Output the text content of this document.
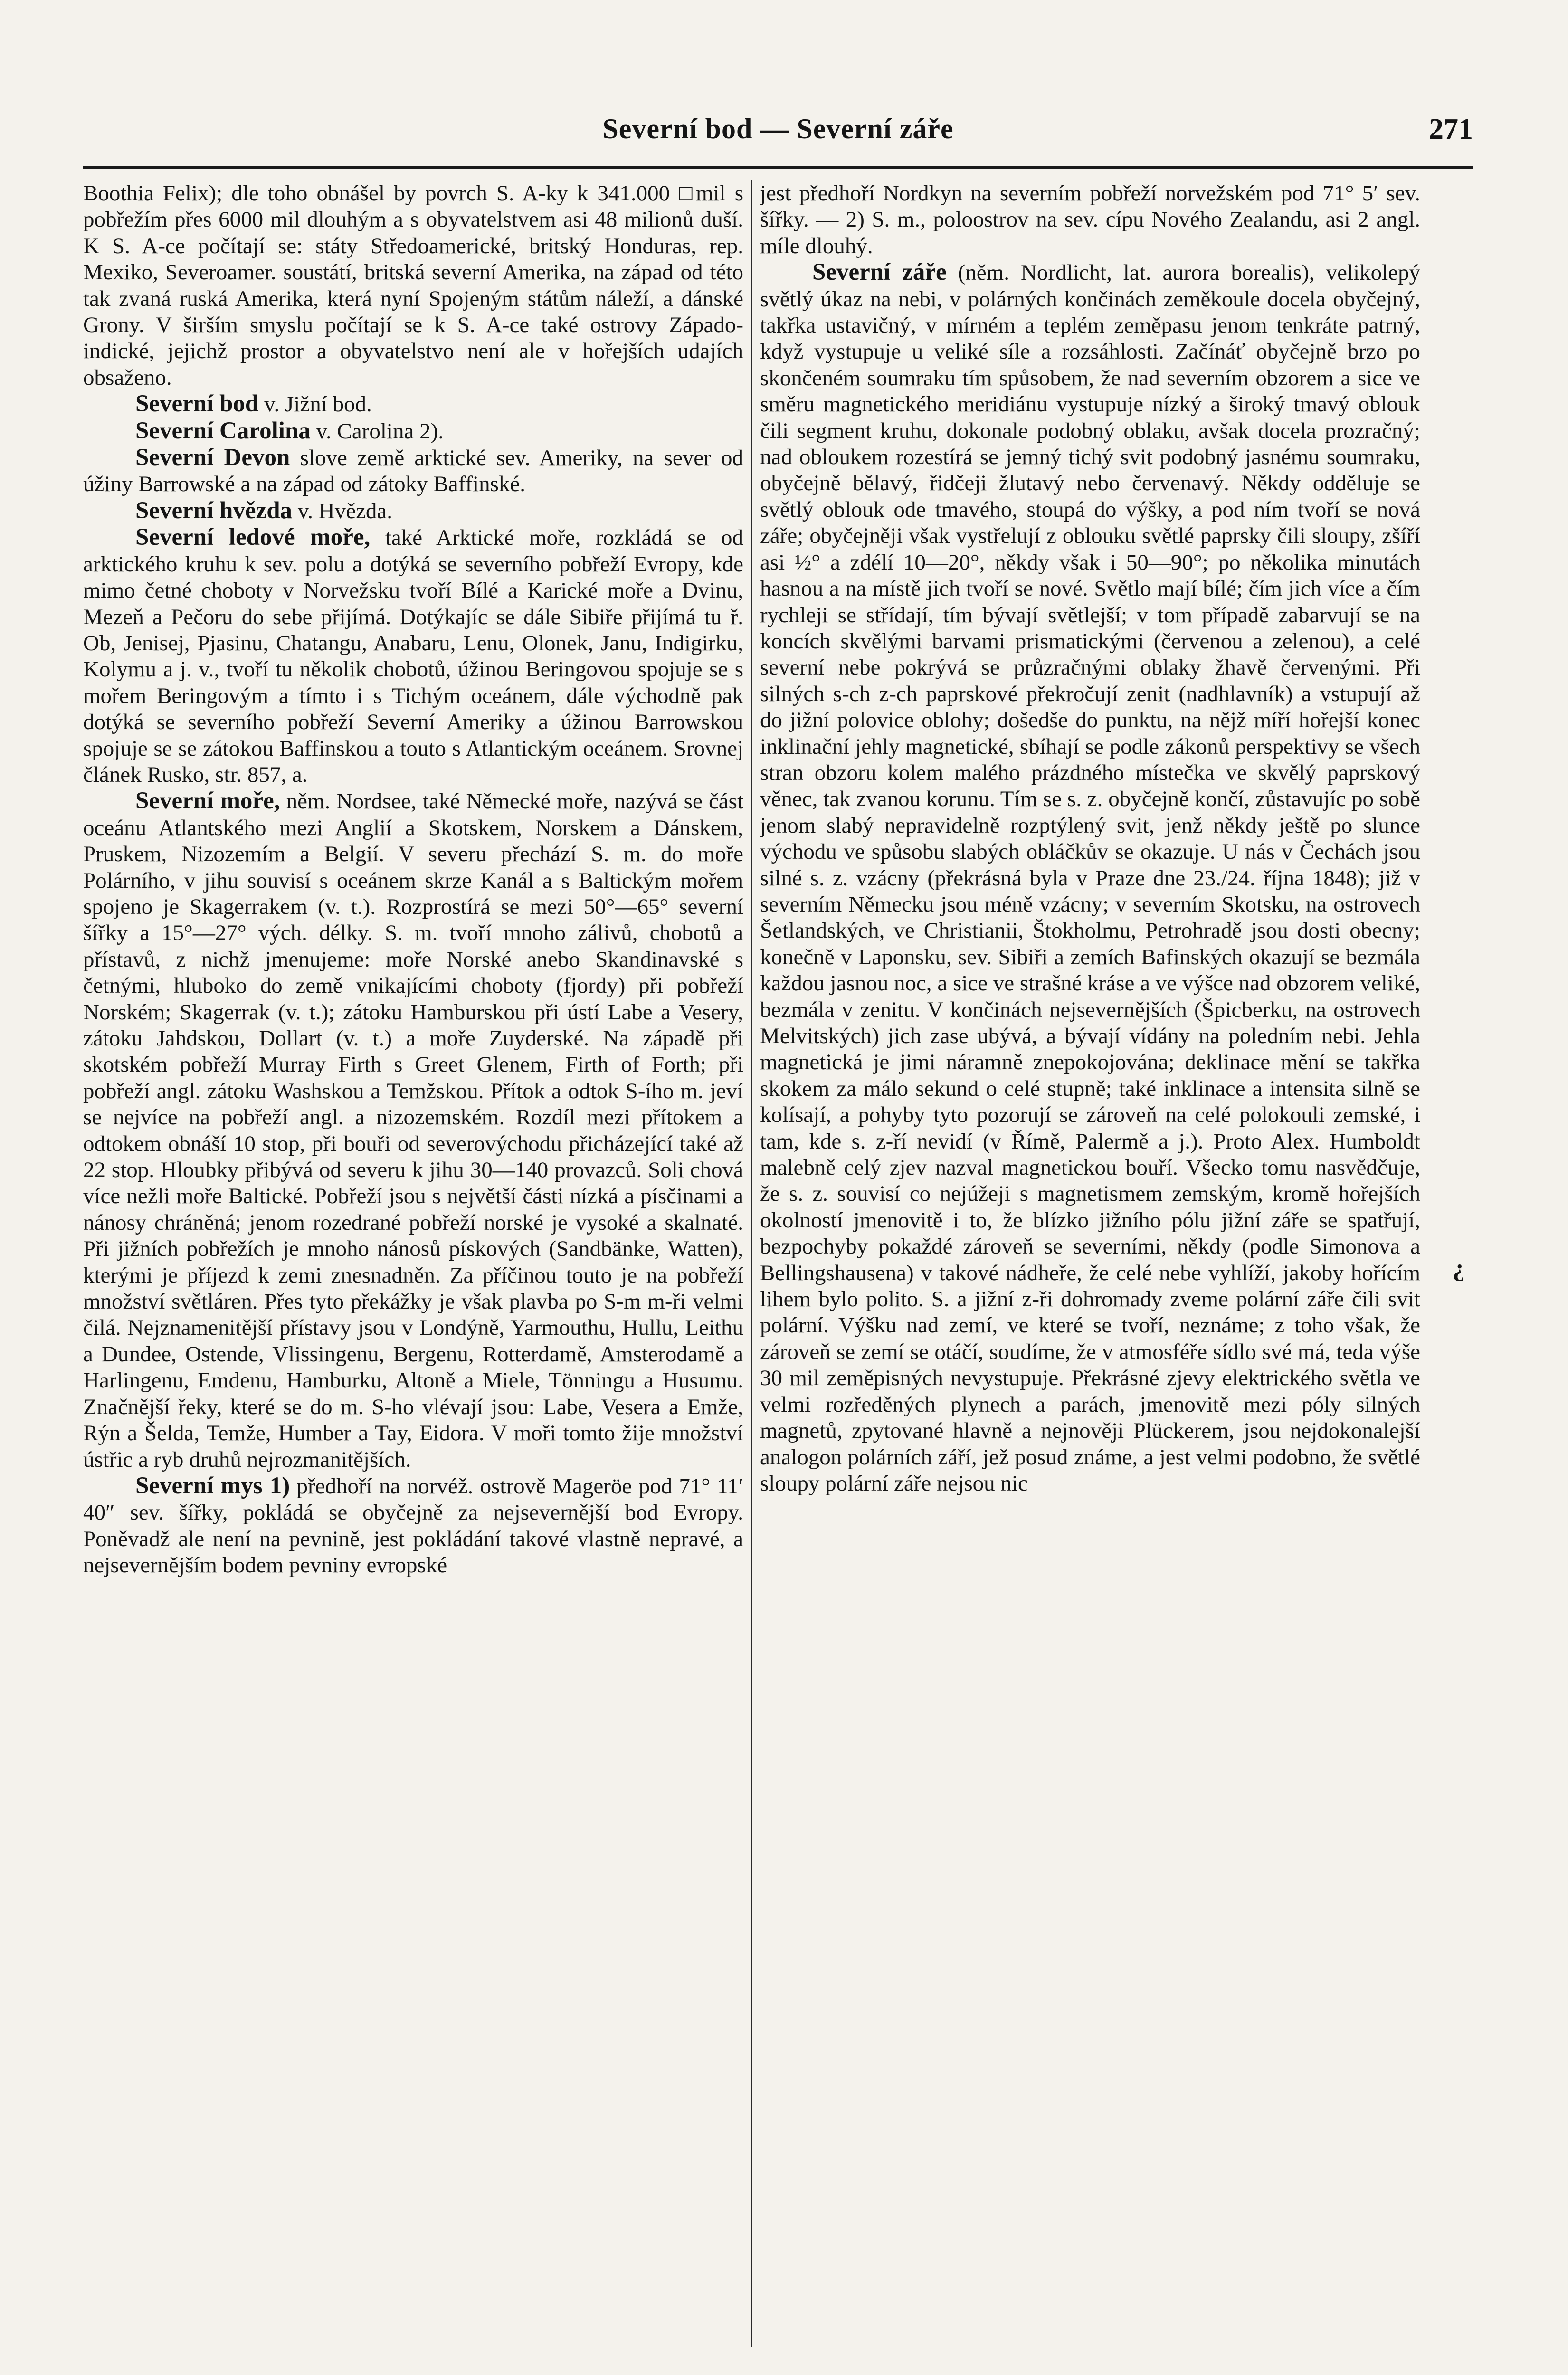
Severní bod — Severní záře	271

Boothia Felix); dle toho obnášel by povrch S. A-ky k 341.000 □mil s pobřežím přes 6000 mil dlouhým a s obyvatelstvem asi 48 milionů duší. K S. A-ce počítají se: státy Středoamerické, britský Honduras, rep. Mexiko, Severoamer. soustátí, britská severní Amerika, na západ od této tak zvaná ruská Amerika, která nyní Spojeným státům náleží, a dánské Grony. V širším smyslu počítají se k S. A-ce také ostrovy Západo-indické, jejichž prostor a obyvatelstvo není ale v hořejších udajích obsaženo.

Severní bod v. Jižní bod.

Severní Carolina v. Carolina 2).

Severní Devon slove země arktické sev. Ameriky, na sever od úžiny Barrowské a na západ od zátoky Baffinské.

Severní hvězda v. Hvězda.

Severní ledové moře, také Arktické moře, rozkládá se od arktického kruhu k sev. polu a dotýká se severního pobřeží Evropy, kde mimo četné choboty v Norvežsku tvoří Bílé a Karické moře a Dvinu, Mezeň a Pečoru do sebe přijímá. Dotýkajíc se dále Sibiře přijímá tu ř. Ob, Jenisej, Pjasinu, Chatangu, Anabaru, Lenu, Olonek, Janu, Indigirku, Kolymu a j. v., tvoří tu několik chobotů, úžinou Beringovou spojuje se s mořem Beringovým a tímto i s Tichým oceánem, dále východně pak dotýká se severního pobřeží Severní Ameriky a úžinou Barrowskou spojuje se se zátokou Baffinskou a touto s Atlantickým oceánem. Srovnej článek Rusko, str. 857, a.

Severní moře, něm. Nordsee, také Německé moře, nazývá se část oceánu Atlantského mezi Anglií a Skotskem, Norskem a Dánskem, Pruskem, Nizozemím a Belgií. V severu přechází S. m. do moře Polárního, v jihu souvisí s oceánem skrze Kanál a s Baltickým mořem spojeno je Skagerrakem (v. t.). Rozprostírá se mezi 50°—65° severní šířky a 15°—27° vých. délky. S. m. tvoří mnoho zálivů, chobotů a přístavů, z nichž jmenujeme: moře Norské anebo Skandinavské s četnými, hluboko do země vnikajícími choboty (fjordy) při pobřeží Norském; Skagerrak (v. t.); zátoku Hamburskou při ústí Labe a Vesery, zátoku Jahdskou, Dollart (v. t.) a moře Zuyderské. Na západě při skotském pobřeží Murray Firth s Greet Glenem, Firth of Forth; při pobřeží angl. zátoku Washskou a Temžskou. Přítok a odtok S-ího m. jeví se nejvíce na pobřeží angl. a nizozemském. Rozdíl mezi přítokem a odtokem obnáší 10 stop, při bouři od severovýchodu přicházející také až 22 stop. Hloubky přibývá od severu k jihu 30—140 provazců. Soli chová více nežli moře Baltické. Pobřeží jsou s největší části nízká a písčinami a nánosy chráněná; jenom rozedrané pobřeží norské je vysoké a skalnaté. Při jižních pobřežích je mnoho nánosů pískových (Sandbänke, Watten), kterými je příjezd k zemi znesnadněn. Za příčinou touto je na pobřeží množství světláren. Přes tyto překážky je však plavba po S-m m-ři velmi čilá. Nejznamenitější přístavy jsou v Londýně, Yarmouthu, Hullu, Leithu a Dundee, Ostende, Vlissingenu, Bergenu, Rotterdamě, Amsterodamě a Harlingenu, Emdenu, Hamburku, Altoně a Miele, Tönningu a Husumu. Značnější řeky, které se do m. S-ho vlévají jsou: Labe, Vesera a Emže, Rýn a Šelda, Temže, Humber a Tay, Eidora. V moři tomto žije množství ústřic a ryb druhů nejrozmanitějších.

Severní mys 1) předhoří na norvéž. ostrově Mageröe pod 71° 11′ 40″ sev. šířky, pokládá se obyčejně za nejsevernější bod Evropy. Poněvadž ale není na pevnině, jest pokládání takové vlastně nepravé, a nejsevernějším bodem pevniny evropské

jest předhoří Nordkyn na severním pobřeží norvežském pod 71° 5′ sev. šířky. — 2) S. m., poloostrov na sev. cípu Nového Zealandu, asi 2 angl. míle dlouhý.

Severní záře (něm. Nordlicht, lat. aurora borealis), velikolepý světlý úkaz na nebi, v polárných končinách zeměkoule docela obyčejný, takřka ustavičný, v mírném a teplém zeměpasu jenom tenkráte patrný, když vystupuje u veliké síle a rozsáhlosti. Začínáť obyčejně brzo po skončeném soumraku tím spůsobem, že nad severním obzorem a sice ve směru magnetického meridiánu vystupuje nízký a široký tmavý oblouk čili segment kruhu, dokonale podobný oblaku, avšak docela prozračný; nad obloukem rozestírá se jemný tichý svit podobný jasnému soumraku, obyčejně bělavý, řidčeji žlutavý nebo červenavý. Někdy odděluje se světlý oblouk ode tmavého, stoupá do výšky, a pod ním tvoří se nová záře; obyčejněji však vystřelují z oblouku světlé paprsky čili sloupy, zšíří asi ½° a zdélí 10—20°, někdy však i 50—90°; po několika minutách hasnou a na místě jich tvoří se nové. Světlo mají bílé; čím jich více a čím rychleji se střídají, tím bývají světlejší; v tom případě zabarvují se na koncích skvělými barvami prismatickými (červenou a zelenou), a celé severní nebe pokrývá se průzračnými oblaky žhavě červenými. Při silných s-ch z-ch paprskové překročují zenit (nadhlavník) a vstupují až do jižní polovice oblohy; došedše do punktu, na nějž míří hořejší konec inklinační jehly magnetické, sbíhají se podle zákonů perspektivy se všech stran obzoru kolem malého prázdného místečka ve skvělý paprskový věnec, tak zvanou korunu. Tím se s. z. obyčejně končí, zůstavujíc po sobě jenom slabý nepravidelně rozptýlený svit, jenž někdy ještě po slunce východu ve spůsobu slabých obláčkův se okazuje. U nás v Čechách jsou silné s. z. vzácny (překrásná byla v Praze dne 23./24. října 1848); již v severním Německu jsou méně vzácny; v severním Skotsku, na ostrovech Šetlandských, ve Christianii, Štokholmu, Petrohradě jsou dosti obecny; konečně v Laponsku, sev. Sibiři a zemích Bafinských okazují se bezmála každou jasnou noc, a sice ve strašné kráse a ve výšce nad obzorem veliké, bezmála v zenitu. V končinách nejsevernějších (Špicberku, na ostrovech Melvitských) jich zase ubývá, a bývají vídány na poledním nebi. Jehla magnetická je jimi náramně znepokojována; deklinace mění se takřka skokem za málo sekund o celé stupně; také inklinace a intensita silně se kolísají, a pohyby tyto pozorují se zároveň na celé polokouli zemské, i tam, kde s. z-ří nevidí (v Římě, Palermě a j.). Proto Alex. Humboldt malebně celý zjev nazval magnetickou bouří. Všecko tomu nasvědčuje, že s. z. souvisí co nejúžeji s magnetismem zemským, kromě hořejších okolností jmenovitě i to, že blízko jižního pólu jižní záře se spatřují, bezpochyby pokaždé zároveň se severními, někdy (podle Simonova a Bellingshausena) v takové nádheře, že celé nebe vyhlíží, jakoby hořícím lihem bylo polito. S. a jižní z-ři dohromady zveme polární záře čili svit polární. Výšku nad zemí, ve které se tvoří, neznáme; z toho však, že zároveň se zemí se otáčí, soudíme, že v atmosféře sídlo své má, teda výše 30 mil zeměpisných nevystupuje. Překrásné zjevy elektrického světla ve velmi rozředěných plynech a parách, jmenovitě mezi póly silných magnetů, zpytované hlavně a nejnověji Plückerem, jsou nejdokonalejší analogon polárních září, jež posud známe, a jest velmi podobno, že světlé sloupy polární záře nejsou nic

¿
